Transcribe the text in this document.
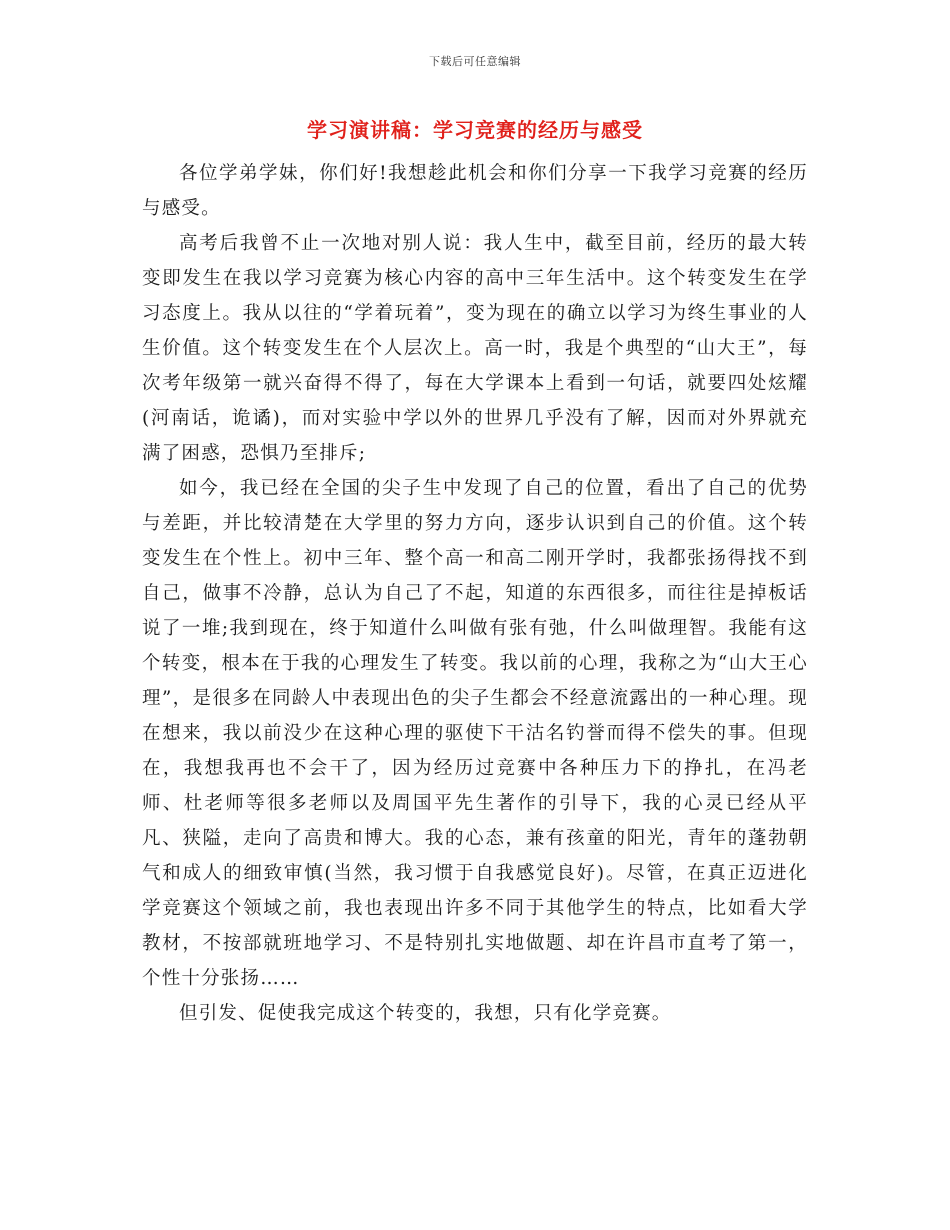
下载后可任意编辑
学习演讲稿：学习竞赛的经历与感受

各位学弟学妹，你们好!我想趁此机会和你们分享一下我学习竞赛的经历与感受。

高考后我曾不止一次地对别人说：我人生中，截至目前，经历的最大转变即发生在我以学习竞赛为核心内容的高中三年生活中。这个转变发生在学习态度上。我从以往的“学着玩着”，变为现在的确立以学习为终生事业的人生价值。这个转变发生在个人层次上。高一时，我是个典型的“山大王”，每次考年级第一就兴奋得不得了，每在大学课本上看到一句话，就要四处炫耀(河南话，诡谲)，而对实验中学以外的世界几乎没有了解，因而对外界就充满了困惑，恐惧乃至排斥;

如今，我已经在全国的尖子生中发现了自己的位置，看出了自己的优势与差距，并比较清楚在大学里的努力方向，逐步认识到自己的价值。这个转变发生在个性上。初中三年、整个高一和高二刚开学时，我都张扬得找不到自己，做事不冷静，总认为自己了不起，知道的东西很多，而往往是掉板话说了一堆;我到现在，终于知道什么叫做有张有弛，什么叫做理智。我能有这个转变，根本在于我的心理发生了转变。我以前的心理，我称之为“山大王心理”，是很多在同龄人中表现出色的尖子生都会不经意流露出的一种心理。现在想来，我以前没少在这种心理的驱使下干沽名钓誉而得不偿失的事。但现在，我想我再也不会干了，因为经历过竞赛中各种压力下的挣扎，在冯老师、杜老师等很多老师以及周国平先生著作的引导下，我的心灵已经从平凡、狭隘，走向了高贵和博大。我的心态，兼有孩童的阳光，青年的蓬勃朝气和成人的细致审慎(当然，我习惯于自我感觉良好)。尽管，在真正迈进化学竞赛这个领域之前，我也表现出许多不同于其他学生的特点，比如看大学教材，不按部就班地学习、不是特别扎实地做题、却在许昌市直考了第一，个性十分张扬……

但引发、促使我完成这个转变的，我想，只有化学竞赛。
